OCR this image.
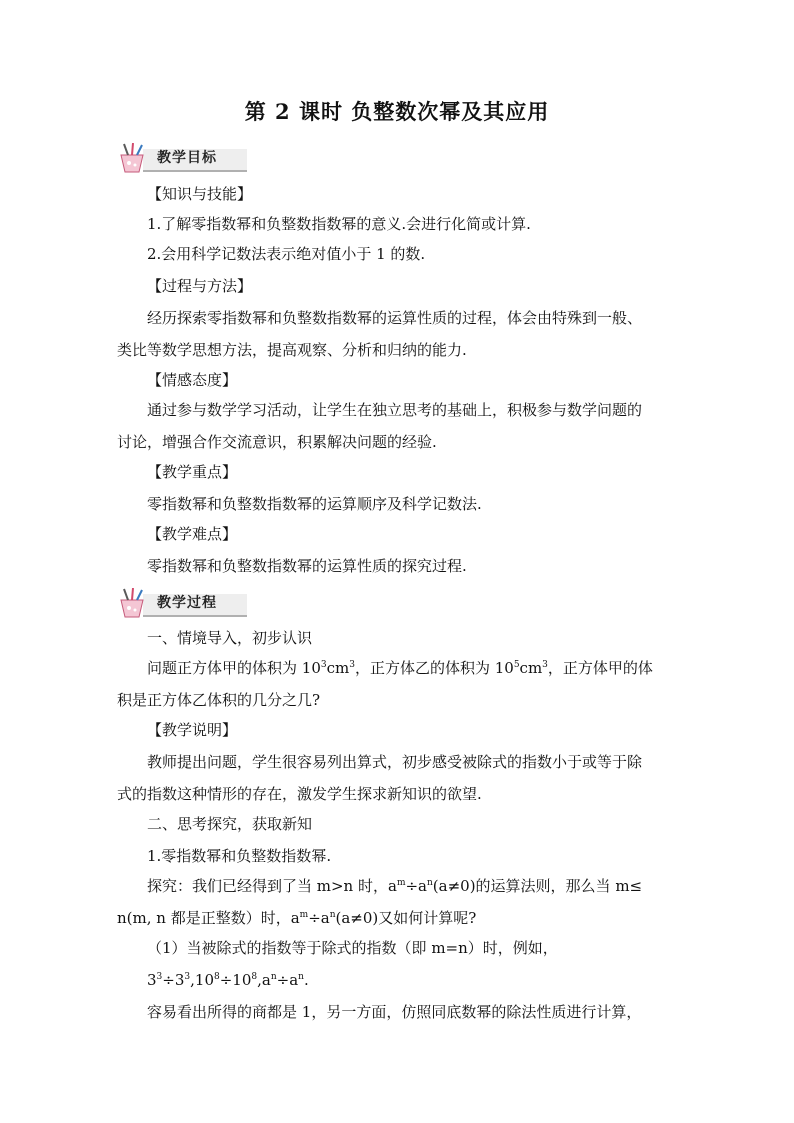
第 2 课时 负整数次幂及其应用
教学目标
【知识与技能】
1.了解零指数幂和负整数指数幂的意义.会进行化简或计算.
2.会用科学记数法表示绝对值小于 1 的数.
【过程与方法】
经历探索零指数幂和负整数指数幂的运算性质的过程，体会由特殊到一般、
类比等数学思想方法，提高观察、分析和归纳的能力.
【情感态度】
通过参与数学学习活动，让学生在独立思考的基础上，积极参与数学问题的
讨论，增强合作交流意识，积累解决问题的经验.
【教学重点】
零指数幂和负整数指数幂的运算顺序及科学记数法.
【教学难点】
零指数幂和负整数指数幂的运算性质的探究过程.
教学过程
一、情境导入，初步认识
问题正方体甲的体积为 $10^3cm^3$，正方体乙的体积为 $10^5cm^3$，正方体甲的体
积是正方体乙体积的几分之几?
【教学说明】
教师提出问题，学生很容易列出算式，初步感受被除式的指数小于或等于除
式的指数这种情形的存在，激发学生探求新知识的欲望.
二、思考探究，获取新知
1.零指数幂和负整数指数幂.
探究：我们已经得到了当 m>n 时，$a^m\div a^n(a\ne 0)$的运算法则，那么当 m≤
n(m, n 都是正整数）时，$a^m\div a^n(a\ne 0)$又如何计算呢?
（1）当被除式的指数等于除式的指数（即 m=n）时，例如，
$3^3\div 3^3,10^8\div 10^8,a^n\div a^n$.
容易看出所得的商都是 1，另一方面，仿照同底数幂的除法性质进行计算，
